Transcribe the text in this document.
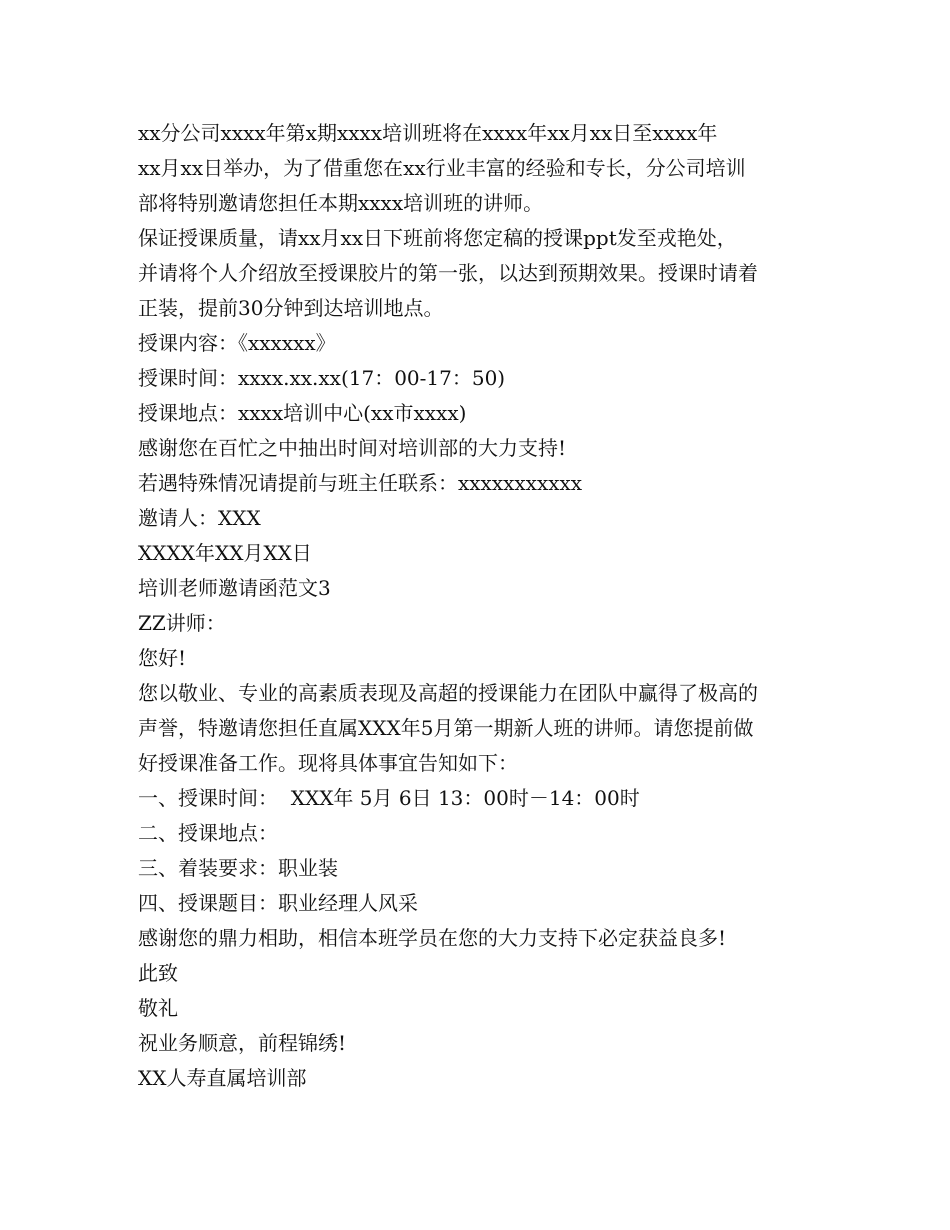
xx分公司xxxx年第x期xxxx培训班将在xxxx年xx月xx日至xxxx年
xx月xx日举办，为了借重您在xx行业丰富的经验和专长，分公司培训
部将特别邀请您担任本期xxxx培训班的讲师。
保证授课质量，请xx月xx日下班前将您定稿的授课ppt发至戎艳处，
并请将个人介绍放至授课胶片的第一张，以达到预期效果。授课时请着
正装，提前30分钟到达培训地点。
授课内容：《xxxxxx》
授课时间：xxxx.xx.xx(17：00-17：50)
授课地点：xxxx培训中心(xx市xxxx)
感谢您在百忙之中抽出时间对培训部的大力支持!
若遇特殊情况请提前与班主任联系：xxxxxxxxxxx
邀请人：XXX
XXXX年XX月XX日
培训老师邀请函范文3
ZZ讲师：
您好!
您以敬业、专业的高素质表现及高超的授课能力在团队中赢得了极高的
声誉，特邀请您担任直属XXX年5月第一期新人班的讲师。请您提前做
好授课准备工作。现将具体事宜告知如下：
一、授课时间：  XXX年 5月 6日 13：00时－14：00时
二、授课地点：
三、着装要求：职业装
四、授课题目：职业经理人风采
感谢您的鼎力相助，相信本班学员在您的大力支持下必定获益良多!
此致
敬礼
祝业务顺意，前程锦绣!
XX人寿直属培训部
